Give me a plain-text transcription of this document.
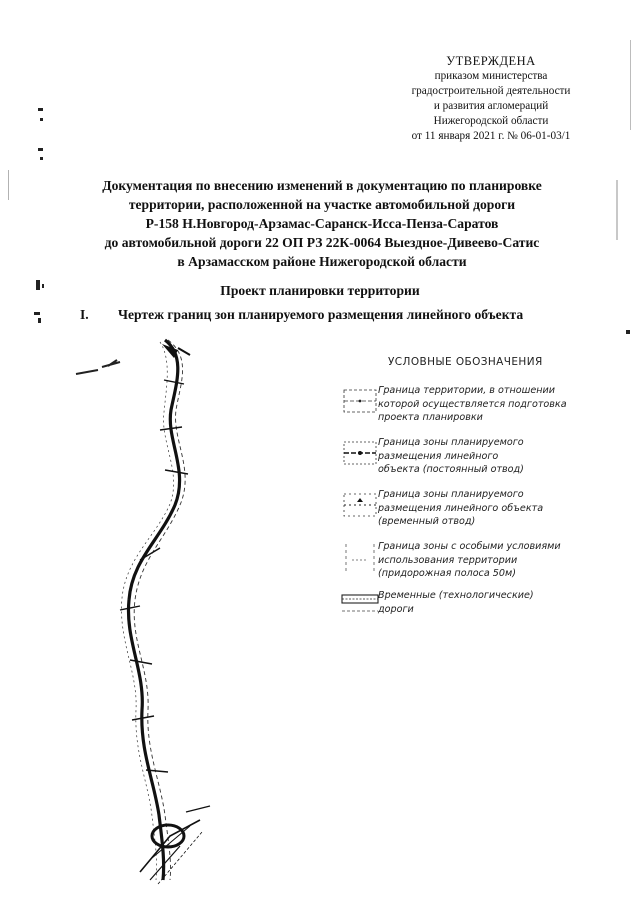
УТВЕРЖДЕНА
приказом министерства
градостроительной деятельности
и развития агломераций
Нижегородской области
от 11 января 2021 г. № 06-01-03/1
Документация по внесению изменений в документацию по планировке
территории, расположенной на участке автомобильной дороги
Р-158 Н.Новгород-Арзамас-Саранск-Исса-Пенза-Саратов
до автомобильной дороги 22 ОП РЗ 22К-0064 Выездное-Дивеево-Сатис
в Арзамасском районе Нижегородской области
Проект планировки территории
I. Чертеж границ зон планируемого размещения линейного объекта
УСЛОВНЫЕ ОБОЗНАЧЕНИЯ
Граница территории, в отношении
которой осуществляется подготовка
проекта планировки
Граница зоны планируемого
размещения линейного
объекта (постоянный отвод)
Граница зоны планируемого
размещения линейного объекта
(временный отвод)
Граница зоны с особыми условиями
использования территории
(придорожная полоса 50м)
Временные (технологические)
дороги
